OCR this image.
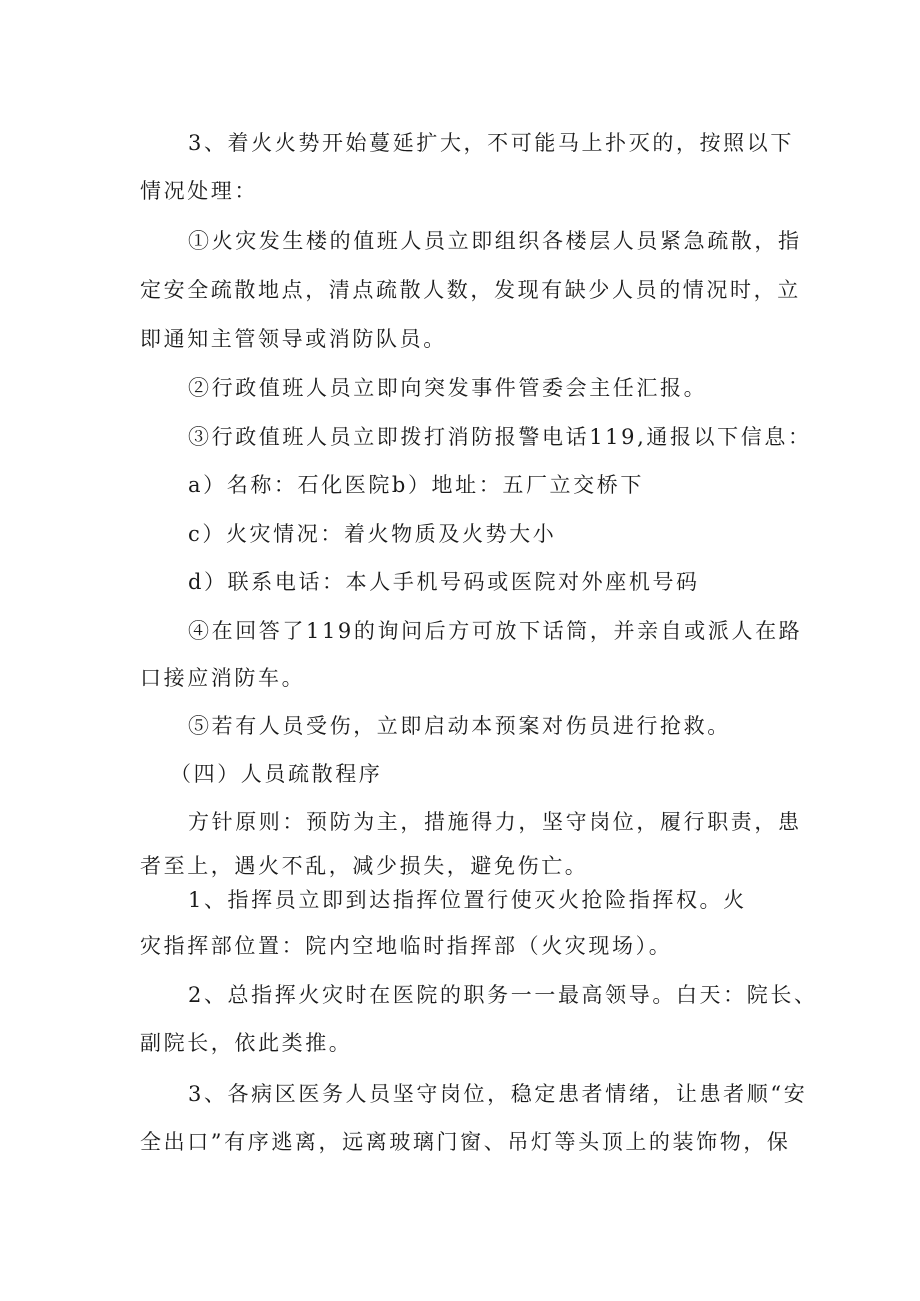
3、着火火势开始蔓延扩大，不可能马上扑灭的，按照以下
情况处理：
①火灾发生楼的值班人员立即组织各楼层人员紧急疏散，指
定安全疏散地点，清点疏散人数，发现有缺少人员的情况时，立
即通知主管领导或消防队员。
②行政值班人员立即向突发事件管委会主任汇报。
③行政值班人员立即拨打消防报警电话119,通报以下信息：
a）名称：石化医院b）地址：五厂立交桥下
c）火灾情况：着火物质及火势大小
d）联系电话：本人手机号码或医院对外座机号码
④在回答了119的询问后方可放下话筒，并亲自或派人在路
口接应消防车。
⑤若有人员受伤，立即启动本预案对伤员进行抢救。
（四）人员疏散程序
方针原则：预防为主，措施得力，坚守岗位，履行职责，患
者至上，遇火不乱，减少损失，避免伤亡。
1、指挥员立即到达指挥位置行使灭火抢险指挥权。火
灾指挥部位置：院内空地临时指挥部（火灾现场）。
2、总指挥火灾时在医院的职务一一最高领导。白天：院长、
副院长，依此类推。
3、各病区医务人员坚守岗位，稳定患者情绪，让患者顺“安
全出口”有序逃离，远离玻璃门窗、吊灯等头顶上的装饰物，保
